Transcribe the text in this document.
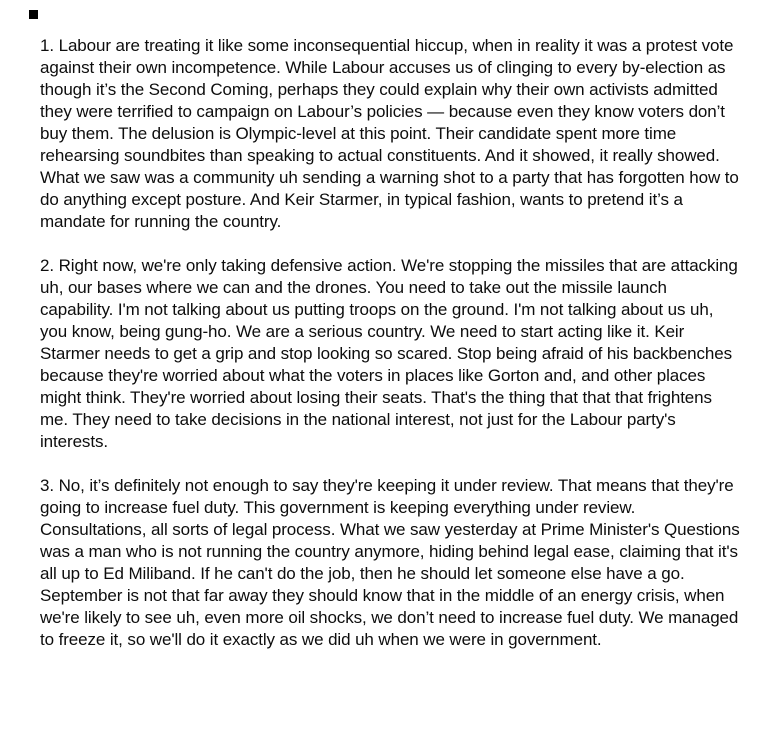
1. Labour are treating it like some inconsequential hiccup, when in reality it was a protest vote against their own incompetence. While Labour accuses us of clinging to every by-election as though it’s the Second Coming, perhaps they could explain why their own activists admitted they were terrified to campaign on Labour’s policies — because even they know voters don’t buy them. The delusion is Olympic-level at this point. Their candidate spent more time rehearsing soundbites than speaking to actual constituents. And it showed, it really showed. What we saw was a community uh sending a warning shot to a party that has forgotten how to do anything except posture. And Keir Starmer, in typical fashion, wants to pretend it’s a mandate for running the country.

2. Right now, we're only taking defensive action. We're stopping the missiles that are attacking uh, our bases where we can and the drones. You need to take out the missile launch capability. I'm not talking about us putting troops on the ground. I'm not talking about us uh, you know, being gung-ho. We are a serious country. We need to start acting like it. Keir Starmer needs to get a grip and stop looking so scared. Stop being afraid of his backbenches because they're worried about what the voters in places like Gorton and, and other places might think. They're worried about losing their seats. That's the thing that that that frightens me. They need to take decisions in the national interest, not just for the Labour party's interests.

3. No, it’s definitely not enough to say they're keeping it under review. That means that they're going to increase fuel duty. This government is keeping everything under review. Consultations, all sorts of legal process. What we saw yesterday at Prime Minister's Questions was a man who is not running the country anymore, hiding behind legal ease, claiming that it's all up to Ed Miliband. If he can't do the job, then he should let someone else have a go. September is not that far away they should know that in the middle of an energy crisis, when we're likely to see uh, even more oil shocks, we don’t need to increase fuel duty. We managed to freeze it, so we'll do it exactly as we did uh when we were in government.
